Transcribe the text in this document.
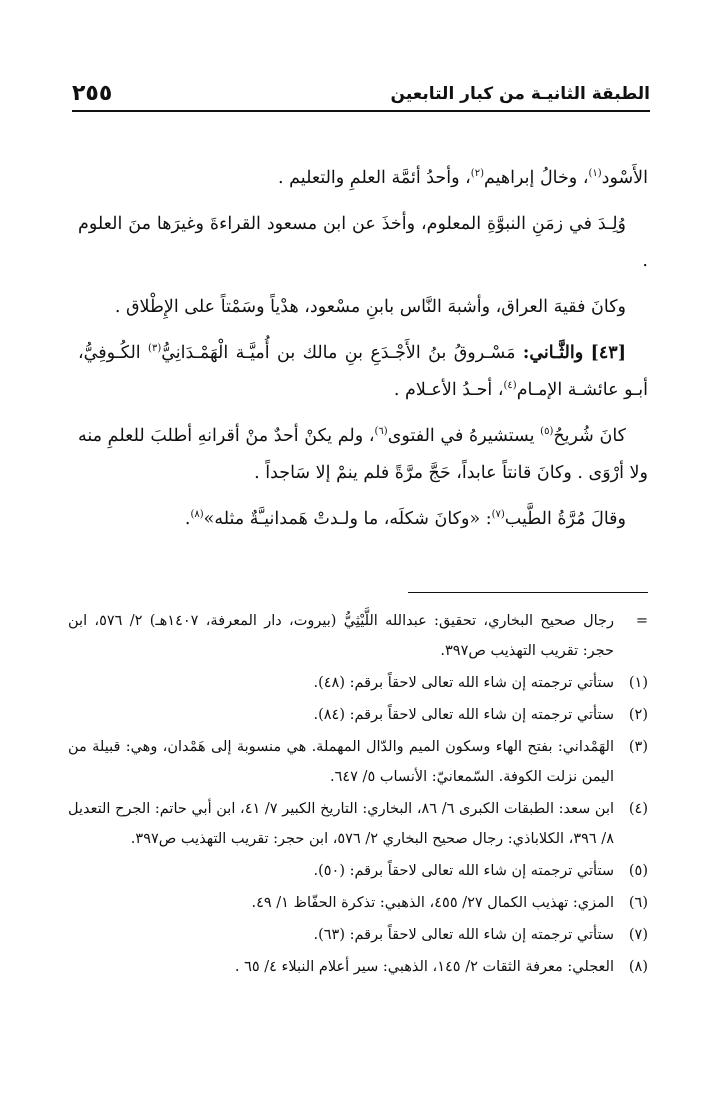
الطبقة الثانيـة من كبار التابعين
٢٥٥

الأَسْود$^{(١)}$، وخالُ إبراهيم$^{(٢)}$، وأحدُ أئمَّة العلمِ والتعليم .

وُلِـدَ في زمَنِ النبوَّةِ المعلوم، وأخذَ عن ابن مسعود القراءةَ وغيرَها منَ العلوم .

وكانَ فقيهَ العراق، وأشبهَ النَّاس بابنِ مسْعود، هدْياً وسَمْتاً على الإِطْلاق .

[٤٣] والثَّـاني: مَسْـروقُ بنُ الأَجْـدَعِ بنِ مالك بن أُميَّـة الْهَمْـدَانِيُّ$^{(٣)}$ الكُـوفِيُّ، أبـو عائشـة الإمـام$^{(٤)}$، أحـدُ الأعـلام .

كانَ شُريحُ$^{(٥)}$ يستشيرهُ في الفتوى$^{(٦)}$، ولم يكنْ أحدٌ منْ أقرانهِ أطلبَ للعلمِ منه ولا أرْوَى . وكانَ قانتاً عابداً، حَجَّ مرَّةً فلم ينمْ إلا سَاجداً .

وقالَ مُرَّةُ الطَّيب$^{(٧)}$: «وكانَ شكلَه، ما ولـدتْ هَمدانيـَّةٌ مثله»$^{(٨)}$.

=
رجال صحيح البخاري، تحقيق: عبدالله اللَّيْثِيُّ (بيروت، دار المعرفة، ١٤٠٧هـ) ٢/ ٥٧٦، ابن حجر: تقريب التهذيب ص٣٩٧.
(١)
ستأتي ترجمته إن شاء الله تعالى لاحقاً برقم: (٤٨).
(٢)
ستأتي ترجمته إن شاء الله تعالى لاحقاً برقم: (٨٤).
(٣)
الهَمْداني: بفتح الهاء وسكون الميم والدّال المهملة. هي منسوبة إلى هَمْدان، وهي: قبيلة من اليمن نزلت الكوفة. السّمعانيّ: الأنساب ٥/ ٦٤٧.
(٤)
ابن سعد: الطبقات الكبرى ٦/ ٨٦، البخاري: التاريخ الكبير ٧/ ٤١، ابن أبي حاتم: الجرح التعديل ٨/ ٣٩٦، الكلاباذي: رجال صحيح البخاري ٢/ ٥٧٦، ابن حجر: تقريب التهذيب ص٣٩٧.
(٥)
ستأتي ترجمته إن شاء الله تعالى لاحقاً برقم: (٥٠).
(٦)
المزي: تهذيب الكمال ٢٧/ ٤٥٥، الذهبي: تذكرة الحفّاظ ١/ ٤٩.
(٧)
ستأتي ترجمته إن شاء الله تعالى لاحقاً برقم: (٦٣).
(٨)
العجلي: معرفة الثقات ٢/ ١٤٥، الذهبي: سير أعلام النبلاء ٤/ ٦٥ .
